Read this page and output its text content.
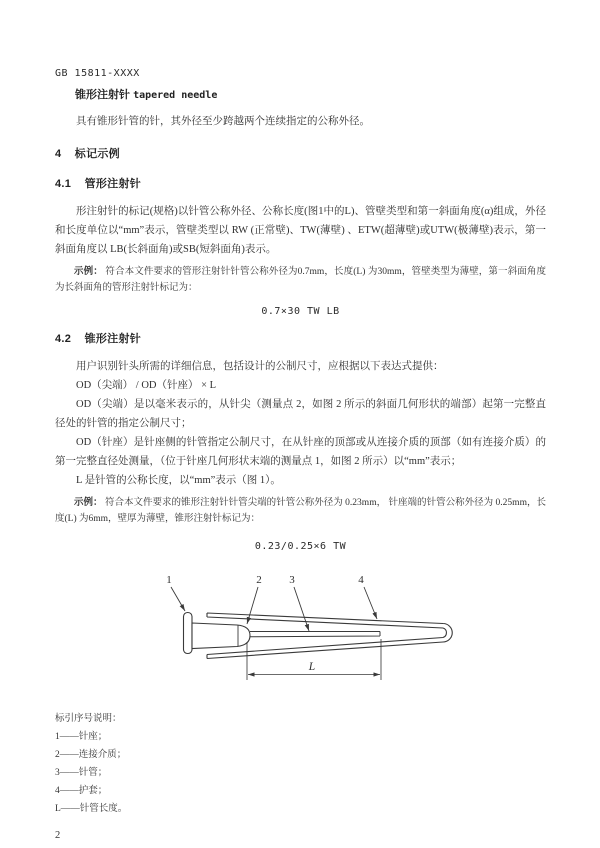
GB 15811-XXXX
锥形注射针 tapered needle

具有锥形针管的针，其外径至少跨越两个连续指定的公称外径。

4 标记示例
4.1 管形注射针

形注射针的标记(规格)以针管公称外径、公称长度(图1中的L)、管壁类型和第一斜面角度(α)组成，外径和长度单位以“mm”表示，管壁类型以 RW (正常壁)、TW(薄壁) 、ETW(超薄壁)或UTW(极薄壁)表示，第一斜面角度以 LB(长斜面角)或SB(短斜面角)表示。

示例： 符合本文件要求的管形注射针针管公称外径为0.7mm，长度(L) 为30mm，管壁类型为薄壁，第一斜面角度为长斜面角的管形注射针标记为：

0.7×30 TW LB
4.2 锥形注射针

用户识别针头所需的详细信息，包括设计的公制尺寸，应根据以下表达式提供：

OD（尖端） / OD（针座） × L

OD（尖端）是以毫米表示的，从针尖（测量点 2，如图 2 所示的斜面几何形状的端部）起第一完整直径处的针管的指定公制尺寸；

OD（针座）是针座侧的针管指定公制尺寸，在从针座的顶部或从连接介质的顶部（如有连接介质）的第一完整直径处测量，（位于针座几何形状末端的测量点 1，如图 2 所示）以“mm”表示；

L 是针管的公称长度，以“mm”表示（图 1）。

示例： 符合本文件要求的锥形注射针针管尖端的针管公称外径为 0.23mm， 针座端的针管公称外径为 0.25mm，长度(L) 为6mm，壁厚为薄壁，锥形注射针标记为：

0.23/0.25×6 TW
1	2	3	4
L
标引序号说明：
1——针座；
2——连接介质；
3——针管；
4——护套；
L——针管长度。
2
